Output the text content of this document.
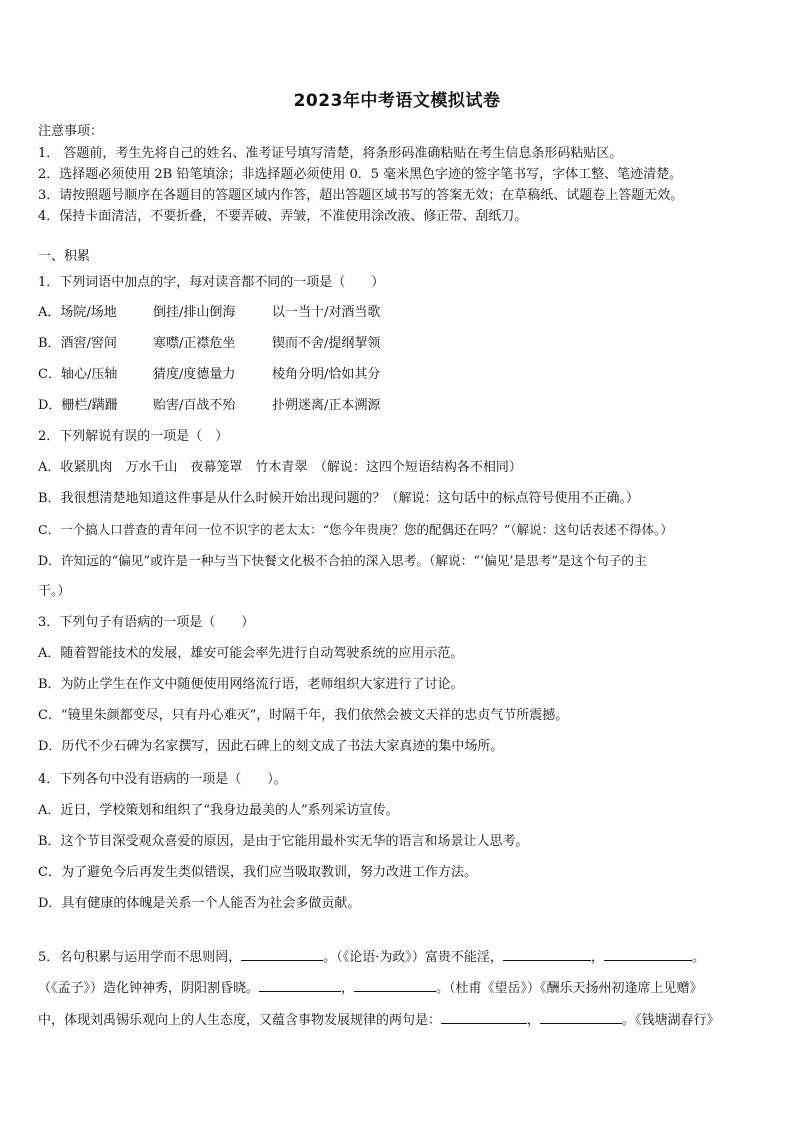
2023年中考语文模拟试卷
注意事项：
1． 答题前，考生先将自己的姓名、准考证号填写清楚，将条形码准确粘贴在考生信息条形码粘贴区。
2．选择题必须使用 2B 铅笔填涂；非选择题必须使用 0．5 毫米黑色字迹的签字笔书写，字体工整、笔迹清楚。
3．请按照题号顺序在各题目的答题区域内作答，超出答题区域书写的答案无效；在草稿纸、试题卷上答题无效。
4．保持卡面清洁，不要折叠，不要弄破、弄皱，不准使用涂改液、修正带、刮纸刀。
一、积累
1．下列词语中加点的字，每对读音都不同的一项是（　　）
A．场院/场地	倒挂/排山倒海	以一当十/对酒当歌
B．酒窖/窖间	寒噤/正襟危坐	锲而不舍/提纲挈领
C．轴心/压轴	猜度/度德量力	棱角分明/恰如其分
D．栅栏/蹒跚	贻害/百战不殆	扑朔迷离/正本溯源
2．下列解说有误的一项是（　）
A．收紧肌肉　万水千山　夜幕笼罩　竹木青翠　（解说：这四个短语结构各不相同）
B．我很想清楚地知道这件事是从什么时候开始出现问题的？（解说：这句话中的标点符号使用不正确。）
C．一个搞人口普查的青年问一位不识字的老太太：“您今年贵庚？您的配偶还在吗？”（解说：这句话表述不得体。）
D．许知远的“偏见”或许是一种与当下快餐文化极不合拍的深入思考。（解说：“‘偏见’是思考”是这个句子的主
干。）
3．下列句子有语病的一项是（　　）
A．随着智能技术的发展，雄安可能会率先进行自动驾驶系统的应用示范。
B．为防止学生在作文中随便使用网络流行语，老师组织大家进行了讨论。
C．“镜里朱颜都变尽，只有丹心难灭”，时隔千年，我们依然会被文天祥的忠贞气节所震撼。
D．历代不少石碑为名家撰写，因此石碑上的刻文成了书法大家真迹的集中场所。
4．下列各句中没有语病的一项是（　　）。
A．近日，学校策划和组织了“我身边最美的人”系列采访宣传。
B．这个节目深受观众喜爱的原因，是由于它能用最朴实无华的语言和场景让人思考。
C．为了避免今后再发生类似错误，我们应当吸取教训，努力改进工作方法。
D．具有健康的体魄是关系一个人能否为社会多做贡献。
5．名句积累与运用学而不思则罔，	。（《论语·为政》）富贵不能淫，	，	。
（《孟子》）造化钟神秀，阴阳割昏晓。	，	。（杜甫《望岳》）《酬乐天扬州初逢席上见赠》
中，体现刘禹锡乐观向上的人生态度，又蕴含事物发展规律的两句是：	，	。《钱塘湖春行》
